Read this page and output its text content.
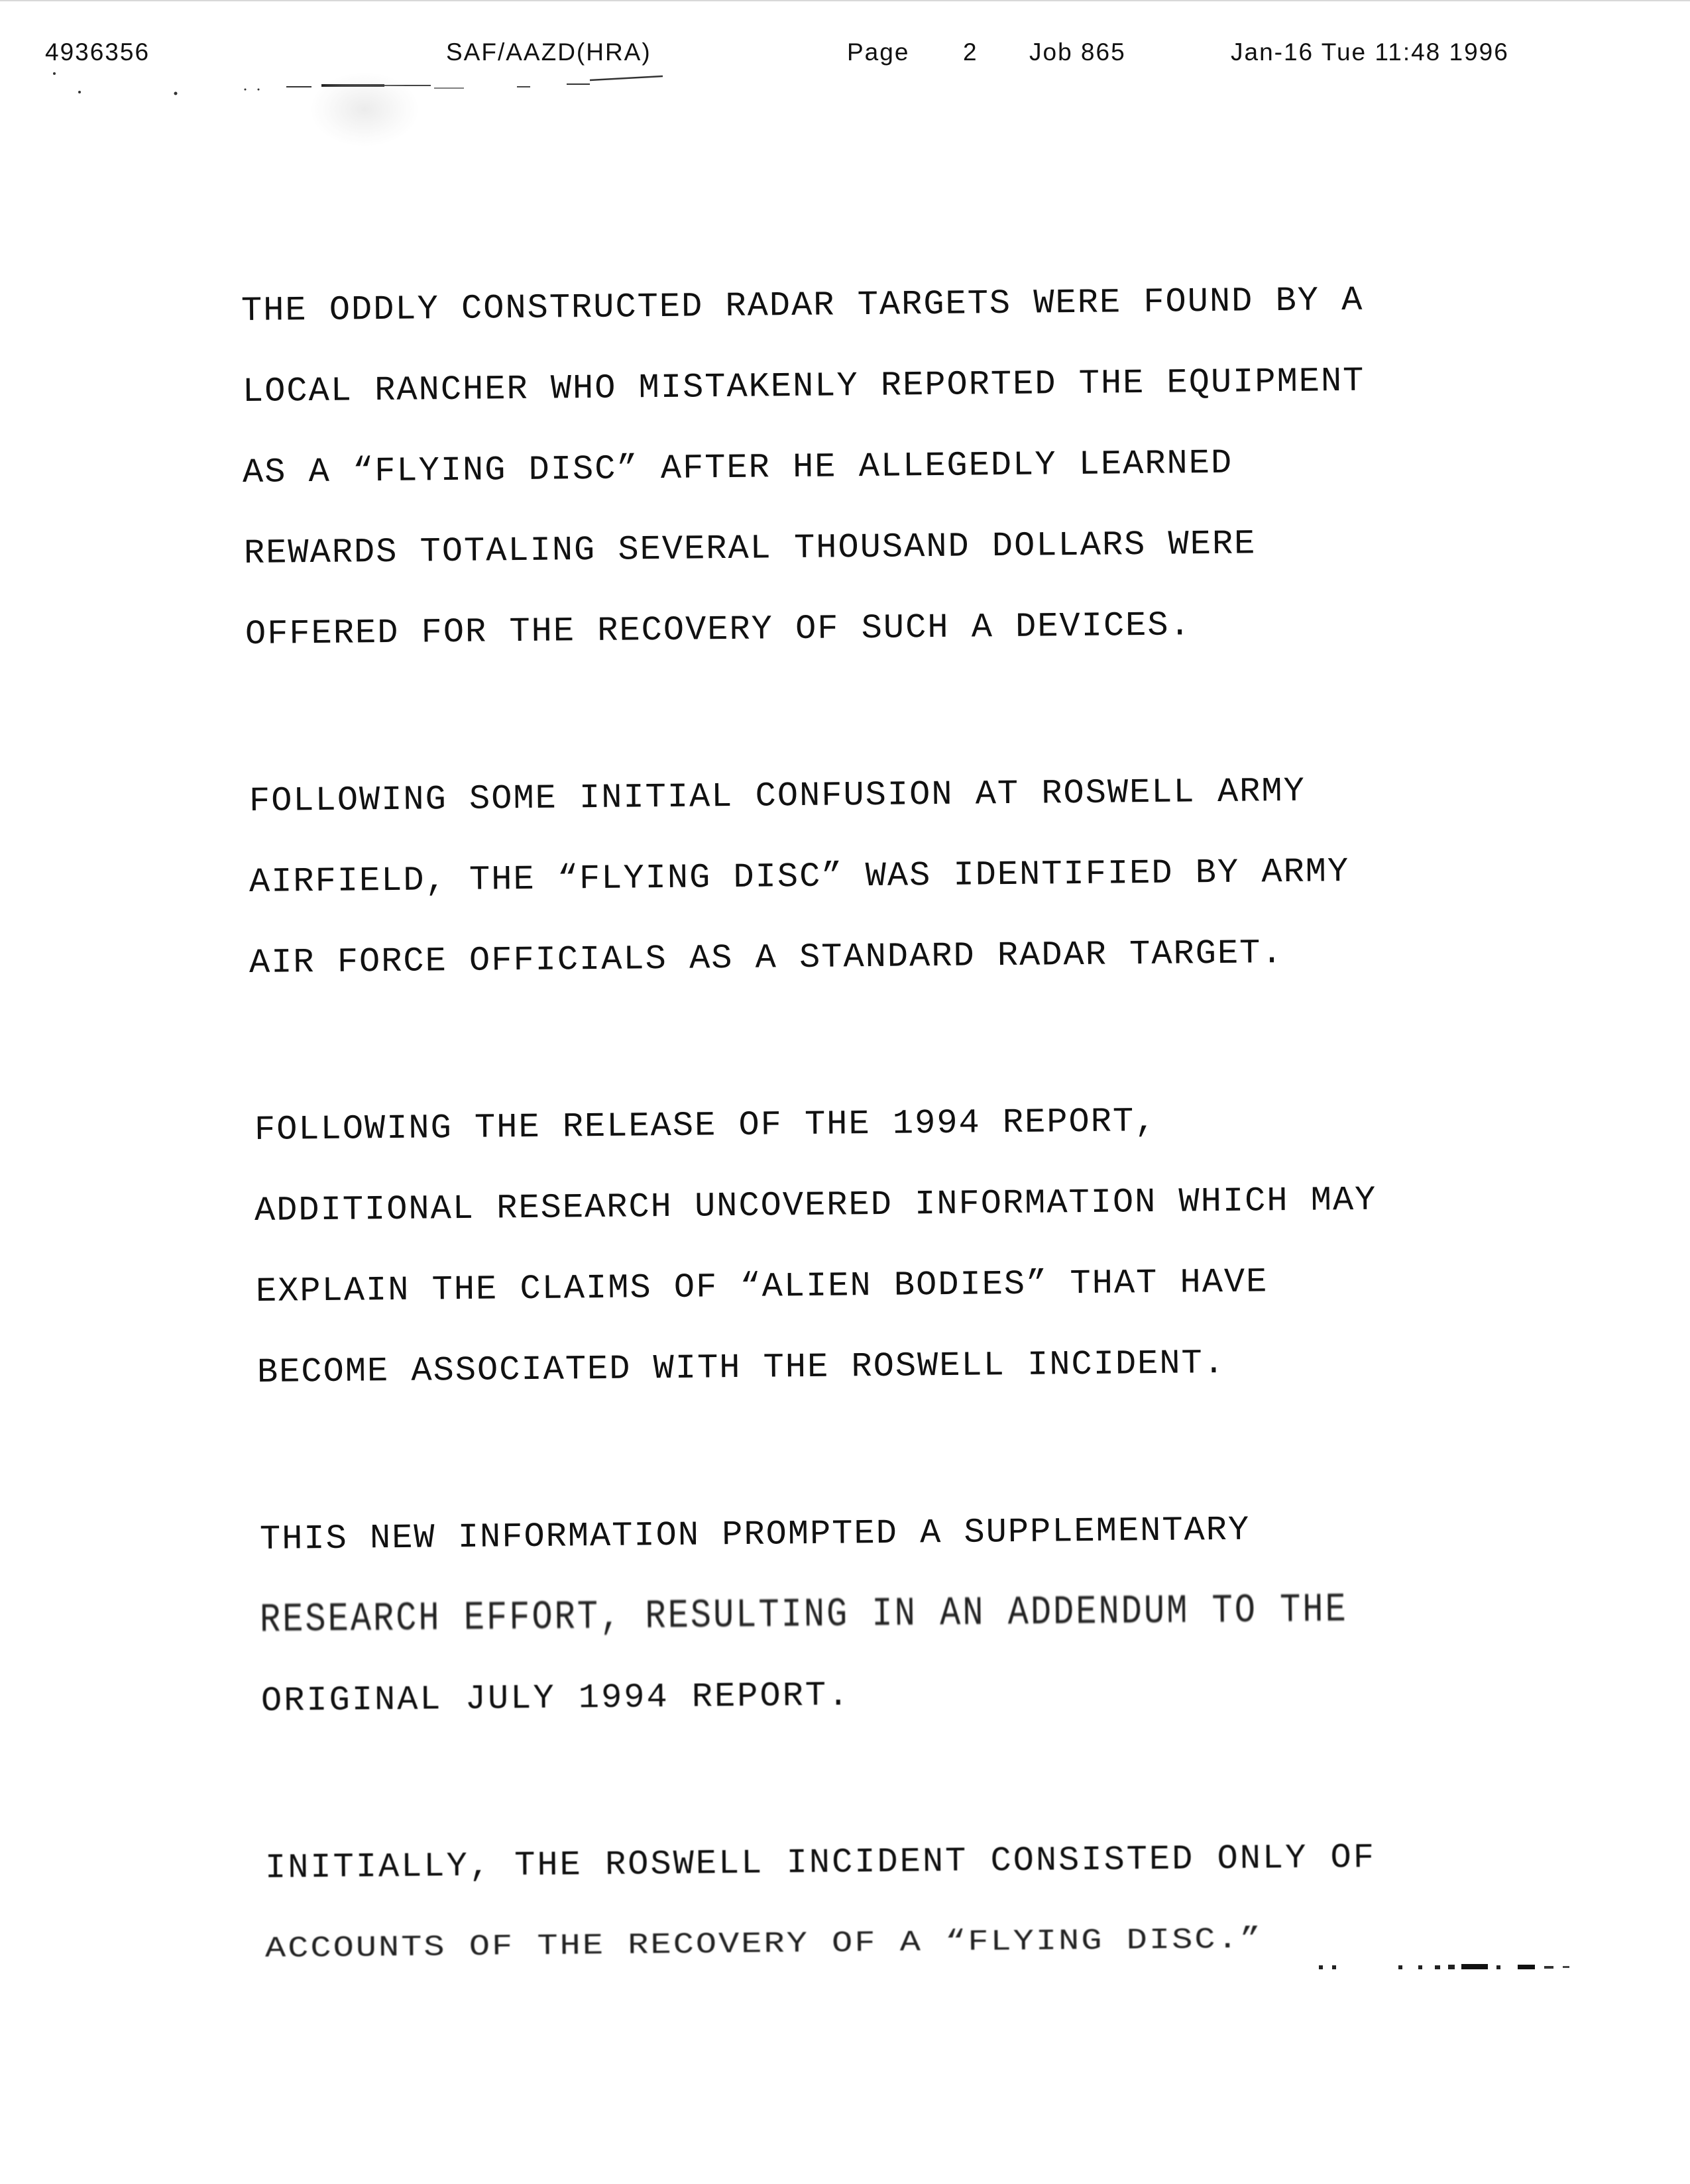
4936356	SAF/AAZD(HRA)	Page 2 Job 865	Jan-16 Tue 11:48 1996
THE ODDLY CONSTRUCTED RADAR TARGETS WERE FOUND BY A
LOCAL RANCHER WHO MISTAKENLY REPORTED THE EQUIPMENT
AS A “FLYING DISC” AFTER HE ALLEGEDLY LEARNED
REWARDS TOTALING SEVERAL THOUSAND DOLLARS WERE
OFFERED FOR THE RECOVERY OF SUCH A DEVICES.
FOLLOWING SOME INITIAL CONFUSION AT ROSWELL ARMY
AIRFIELD, THE “FLYING DISC” WAS IDENTIFIED BY ARMY
AIR FORCE OFFICIALS AS A STANDARD RADAR TARGET.
FOLLOWING THE RELEASE OF THE 1994 REPORT,
ADDITIONAL RESEARCH UNCOVERED INFORMATION WHICH MAY
EXPLAIN THE CLAIMS OF “ALIEN BODIES” THAT HAVE
BECOME ASSOCIATED WITH THE ROSWELL INCIDENT.
THIS NEW INFORMATION PROMPTED A SUPPLEMENTARY
RESEARCH EFFORT, RESULTING IN AN ADDENDUM TO THE
ORIGINAL JULY 1994 REPORT.
INITIALLY, THE ROSWELL INCIDENT CONSISTED ONLY OF
ACCOUNTS OF THE RECOVERY OF A “FLYING DISC.”
